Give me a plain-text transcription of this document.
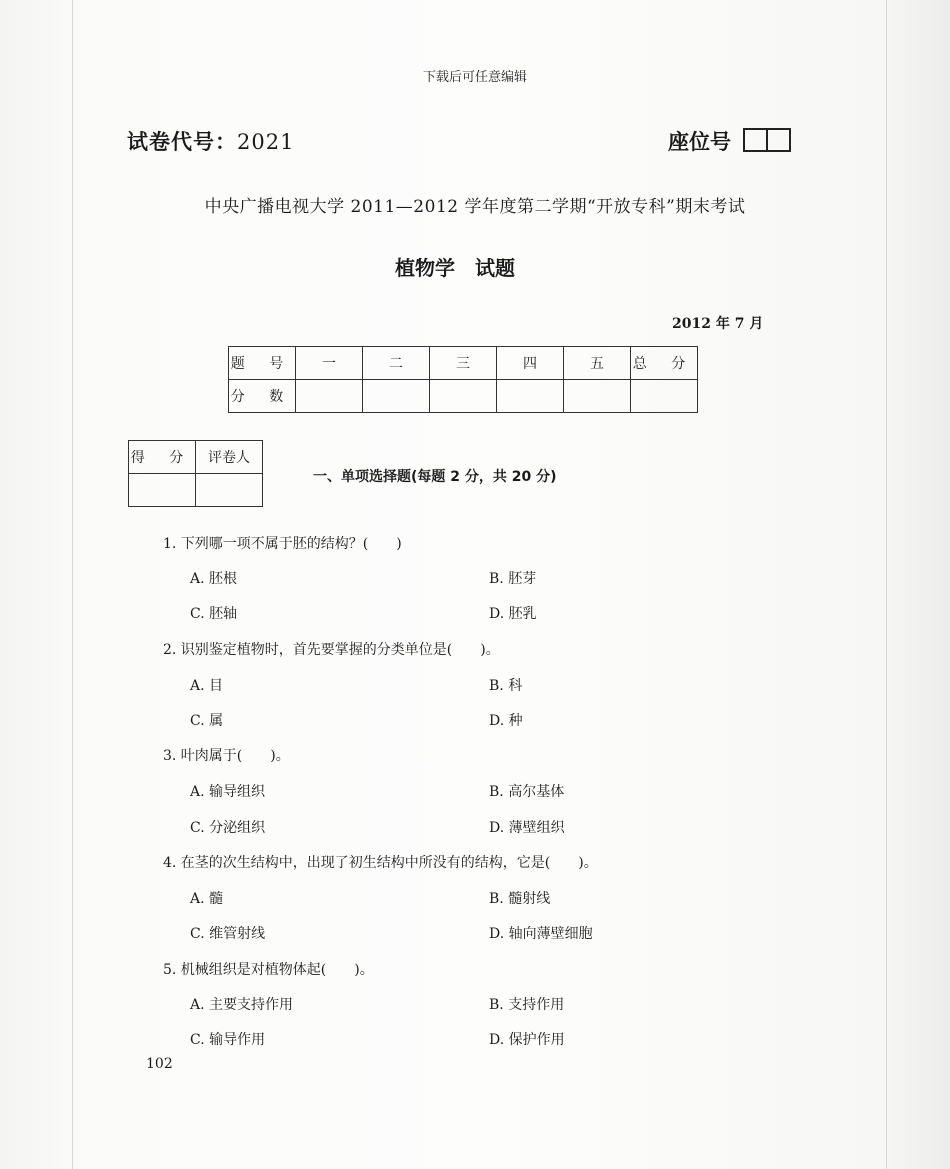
下载后可任意编辑
试卷代号：2021	座位号
中央广播电视大学 2011—2012 学年度第二学期“开放专科”期末考试
植物学　试题
2012 年 7 月
题 号	一	二	三	四	五	总 分
分 数						
得 分	评卷人

一、单项选择题(每题 2 分，共 20 分)
1. 下列哪一项不属于胚的结构？(　　)
A. 胚根	B. 胚芽
C. 胚轴	D. 胚乳
2. 识别鉴定植物时，首先要掌握的分类单位是(　　)。
A. 目	B. 科
C. 属	D. 种
3. 叶肉属于(　　)。
A. 输导组织	B. 高尔基体
C. 分泌组织	D. 薄壁组织
4. 在茎的次生结构中，出现了初生结构中所没有的结构，它是(　　)。
A. 髓	B. 髓射线
C. 维管射线	D. 轴向薄壁细胞
5. 机械组织是对植物体起(　　)。
A. 主要支持作用	B. 支持作用
C. 输导作用	D. 保护作用
102
